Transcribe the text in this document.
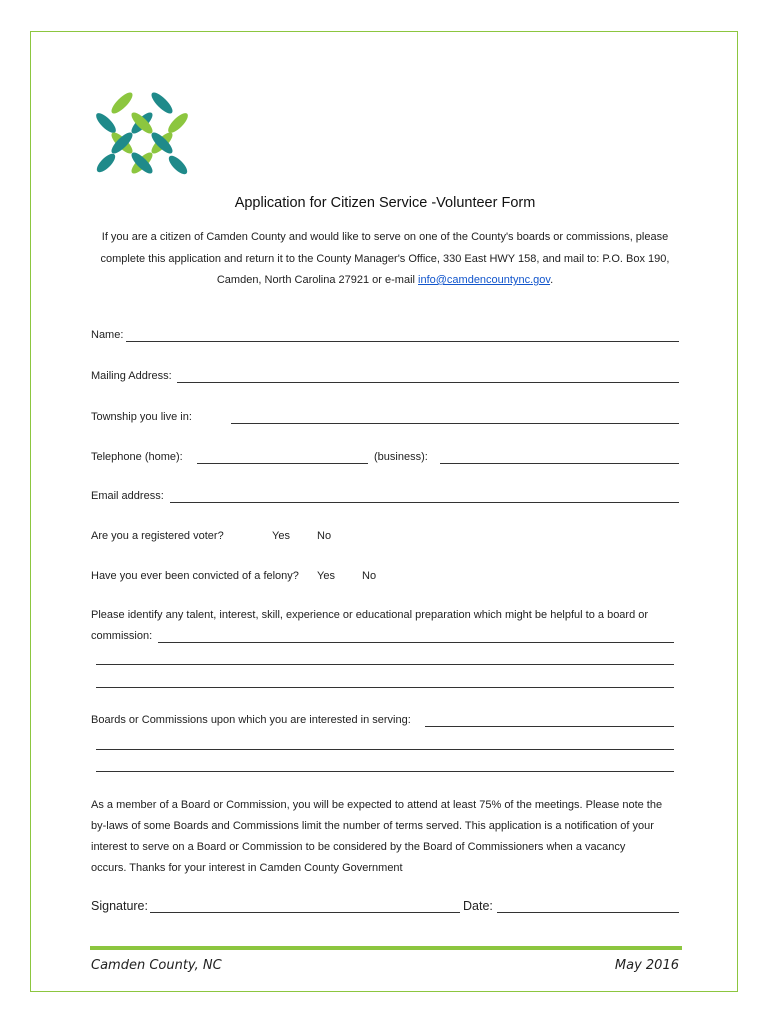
Application for Citizen Service -Volunteer Form
If you are a citizen of Camden County and would like to serve on one of the County's boards or commissions, please
complete this application and return it to the County Manager's Office, 330 East HWY 158, and mail to: P.O. Box 190,
Camden, North Carolina 27921 or e-mail info@camdencountync.gov.
Name:
Mailing Address:
Township you live in:
Telephone (home):	(business):
Email address:
Are you a registered voter?	Yes No
Have you ever been convicted of a felony? Yes No
Please identify any talent, interest, skill, experience or educational preparation which might be helpful to a board or
commission:
Boards or Commissions upon which you are interested in serving:
As a member of a Board or Commission, you will be expected to attend at least 75% of the meetings. Please note the
by-laws of some Boards and Commissions limit the number of terms served. This application is a notification of your
interest to serve on a Board or Commission to be considered by the Board of Commissioners when a vacancy
occurs. Thanks for your interest in Camden County Government
Signature:	Date:
Camden County, NC	May 2016
